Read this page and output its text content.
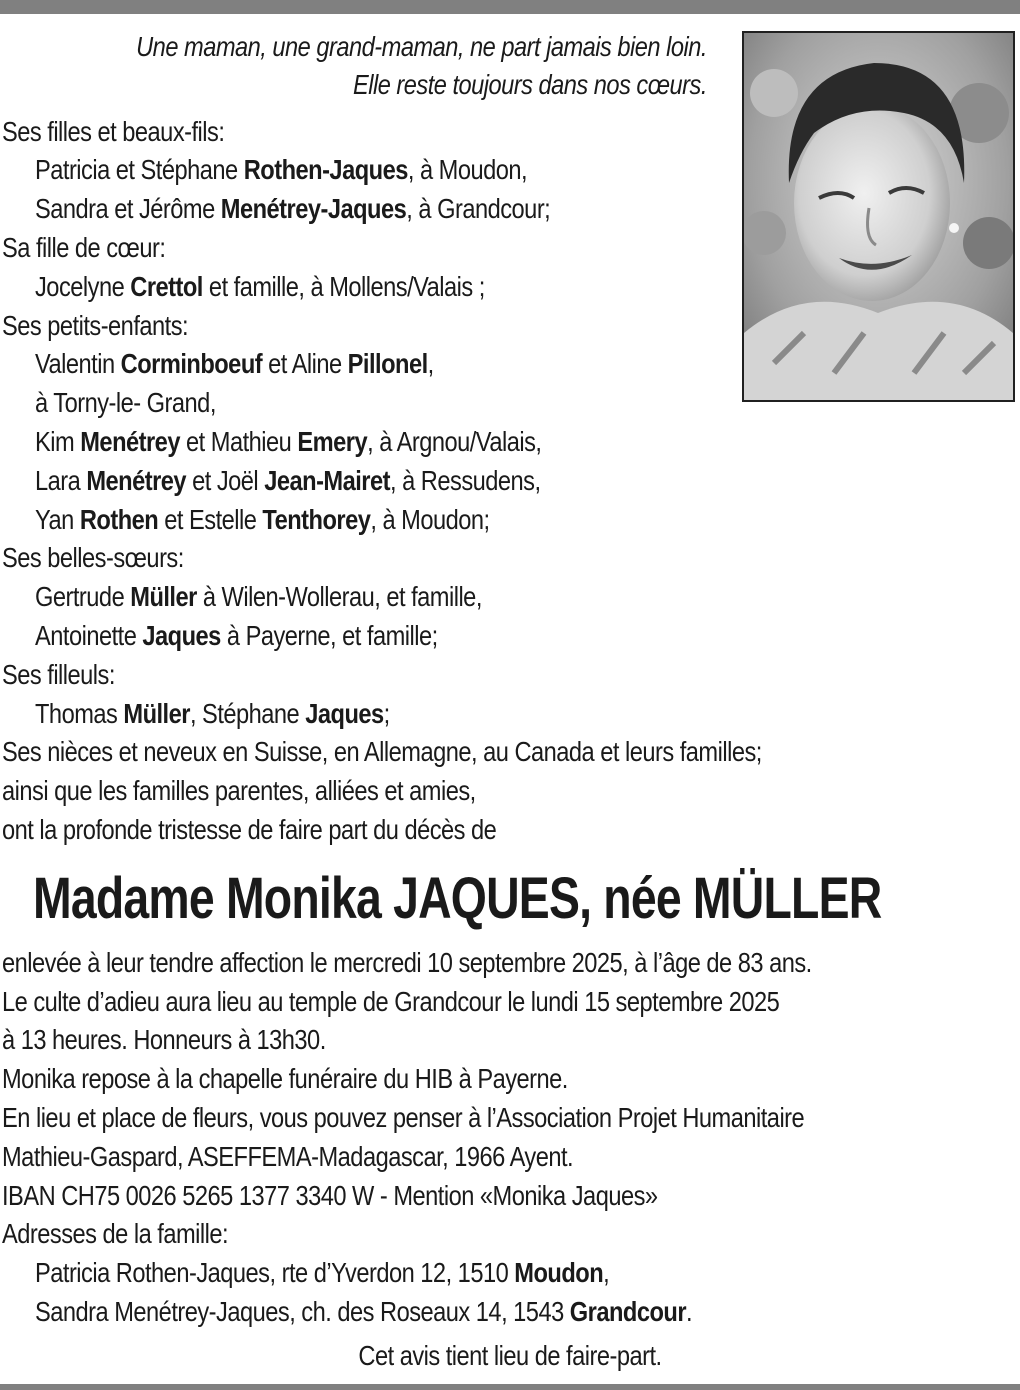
Une maman, une grand-maman, ne part jamais bien loin.
Elle reste toujours dans nos cœurs.
Ses filles et beaux-fils:
Patricia et Stéphane Rothen-Jaques, à Moudon,
Sandra et Jérôme Menétrey-Jaques, à Grandcour;
Sa fille de cœur:
Jocelyne Crettol et famille, à Mollens/Valais ;
Ses petits-enfants:
Valentin Corminboeuf et Aline Pillonel,
à Torny-le- Grand,
Kim Menétrey et Mathieu Emery, à Argnou/Valais,
Lara Menétrey et Joël Jean-Mairet, à Ressudens,
Yan Rothen et Estelle Tenthorey, à Moudon;
Ses belles-sœurs:
Gertrude Müller à Wilen-Wollerau, et famille,
Antoinette Jaques à Payerne, et famille;
Ses filleuls:
Thomas Müller, Stéphane Jaques;
Ses nièces et neveux en Suisse, en Allemagne, au Canada et leurs familles;
ainsi que les familles parentes, alliées et amies,
ont la profonde tristesse de faire part du décès de
Madame Monika JAQUES, née MÜLLER
enlevée à leur tendre affection le mercredi 10 septembre 2025, à l’âge de 83 ans.
Le culte d’adieu aura lieu au temple de Grandcour le lundi 15 septembre 2025
à 13 heures. Honneurs à 13h30.
Monika repose à la chapelle funéraire du HIB à Payerne.
En lieu et place de fleurs, vous pouvez penser à l’Association Projet Humanitaire
Mathieu-Gaspard, ASEFFEMA-Madagascar, 1966 Ayent.
IBAN CH75 0026 5265 1377 3340 W - Mention «Monika Jaques»
Adresses de la famille:
Patricia Rothen-Jaques, rte d’Yverdon 12, 1510 Moudon,
Sandra Menétrey-Jaques, ch. des Roseaux 14, 1543 Grandcour.
Cet avis tient lieu de faire-part.
